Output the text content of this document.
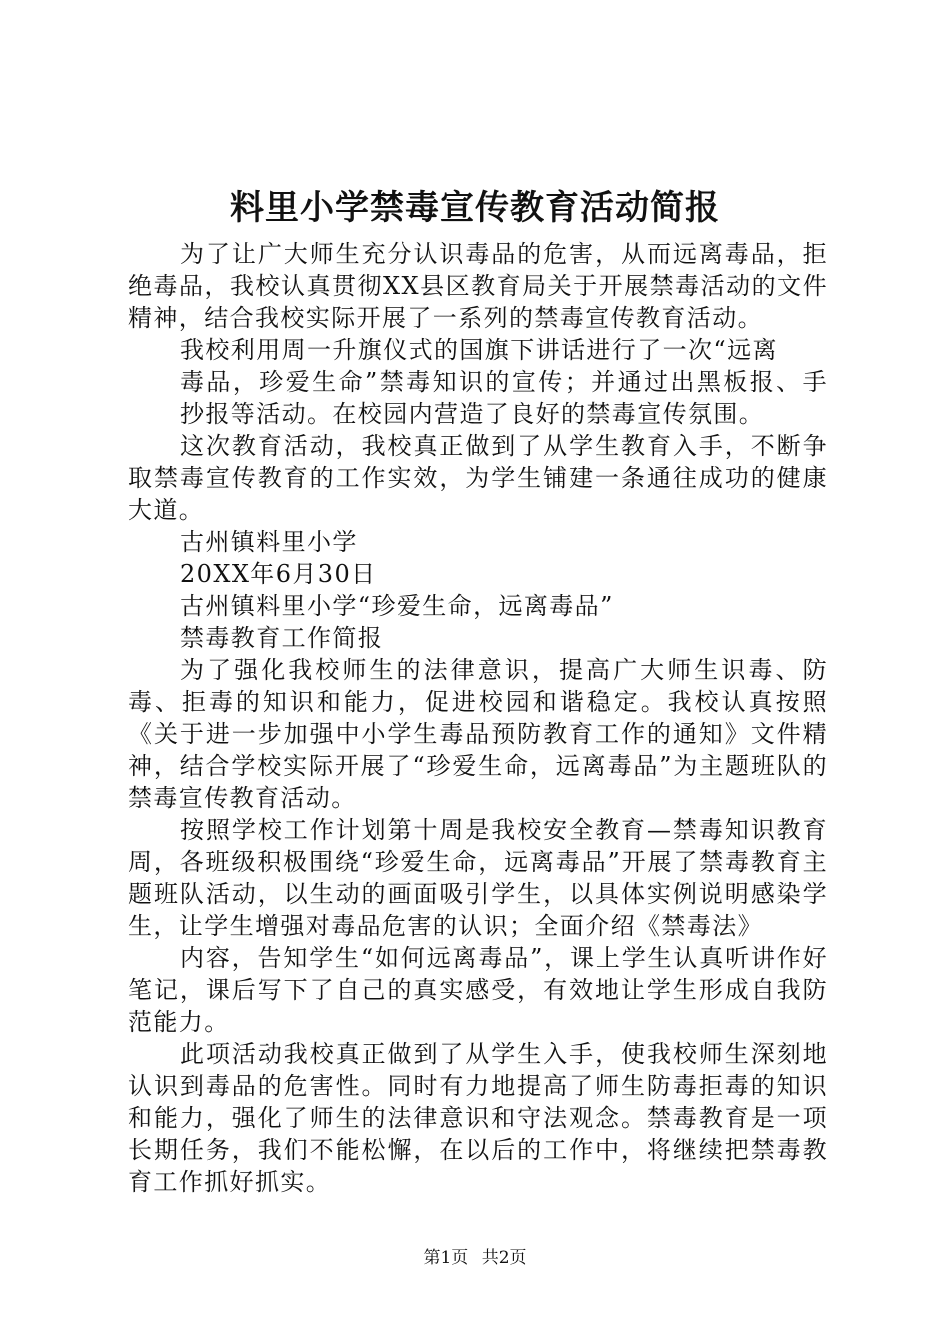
料里小学禁毒宣传教育活动简报

为了让广大师生充分认识毒品的危害，从而远离毒品，拒绝毒品，我校认真贯彻XX县区教育局关于开展禁毒活动的文件精神，结合我校实际开展了一系列的禁毒宣传教育活动。

我校利用周一升旗仪式的国旗下讲话进行了一次“远离

毒品，珍爱生命”禁毒知识的宣传；并通过出黑板报、手抄报等活动。在校园内营造了良好的禁毒宣传氛围。

这次教育活动，我校真正做到了从学生教育入手，不断争取禁毒宣传教育的工作实效，为学生铺建一条通往成功的健康大道。

古州镇料里小学

20XX年6月30日

古州镇料里小学“珍爱生命，远离毒品”

禁毒教育工作简报

为了强化我校师生的法律意识，提高广大师生识毒、防毒、拒毒的知识和能力，促进校园和谐稳定。我校认真按照《关于进一步加强中小学生毒品预防教育工作的通知》文件精神，结合学校实际开展了“珍爱生命，远离毒品”为主题班队的禁毒宣传教育活动。

按照学校工作计划第十周是我校安全教育—禁毒知识教育周，各班级积极围绕“珍爱生命，远离毒品”开展了禁毒教育主题班队活动，以生动的画面吸引学生，以具体实例说明感染学生，让学生增强对毒品危害的认识；全面介绍《禁毒法》

内容，告知学生“如何远离毒品”，课上学生认真听讲作好笔记，课后写下了自己的真实感受，有效地让学生形成自我防范能力。

此项活动我校真正做到了从学生入手，使我校师生深刻地认识到毒品的危害性。同时有力地提高了师生防毒拒毒的知识和能力，强化了师生的法律意识和守法观念。禁毒教育是一项长期任务，我们不能松懈，在以后的工作中，将继续把禁毒教育工作抓好抓实。

第1页 共2页
